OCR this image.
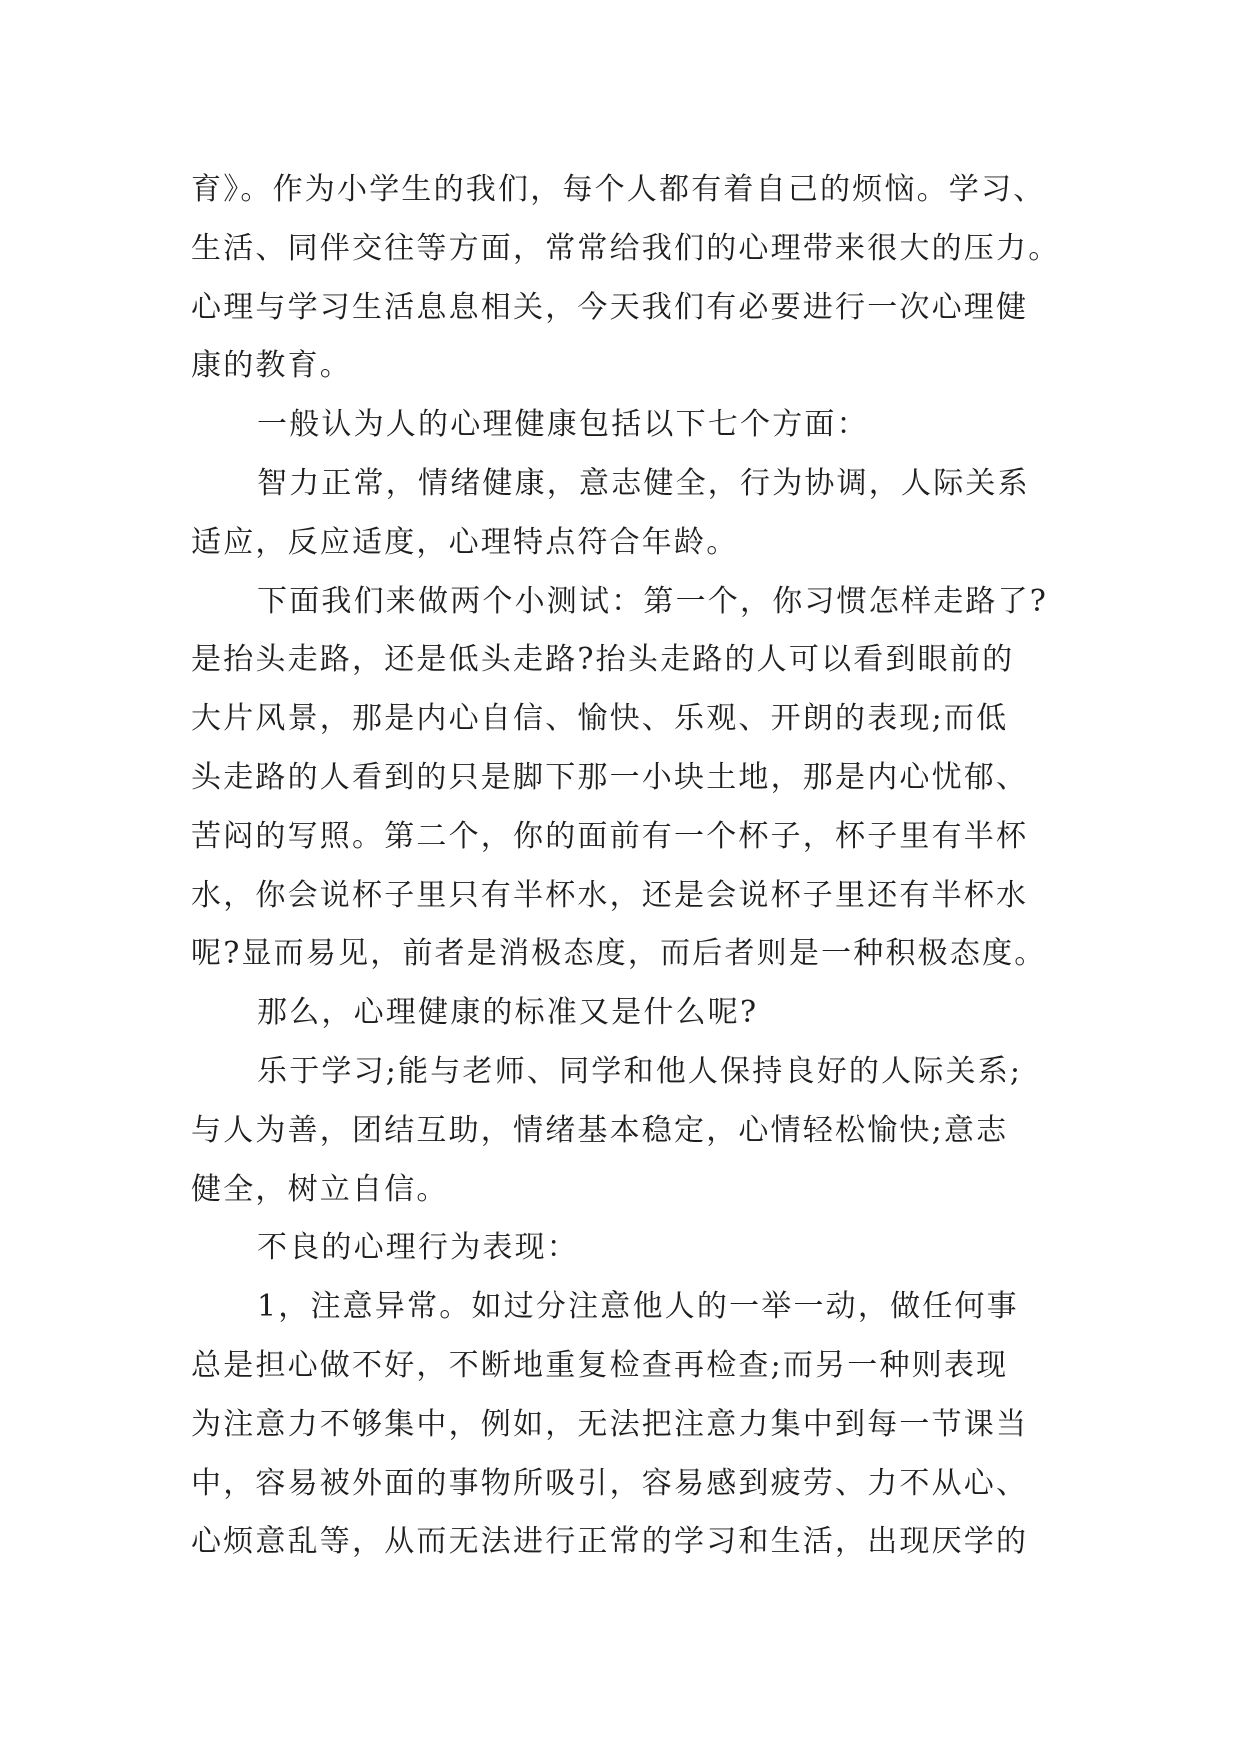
育》。作为小学生的我们，每个人都有着自己的烦恼。学习、
生活、同伴交往等方面，常常给我们的心理带来很大的压力。
心理与学习生活息息相关，今天我们有必要进行一次心理健
康的教育。
一般认为人的心理健康包括以下七个方面：
智力正常，情绪健康，意志健全，行为协调，人际关系
适应，反应适度，心理特点符合年龄。
下面我们来做两个小测试：第一个，你习惯怎样走路了?
是抬头走路，还是低头走路?抬头走路的人可以看到眼前的
大片风景，那是内心自信、愉快、乐观、开朗的表现;而低
头走路的人看到的只是脚下那一小块土地，那是内心忧郁、
苦闷的写照。第二个，你的面前有一个杯子，杯子里有半杯
水，你会说杯子里只有半杯水，还是会说杯子里还有半杯水
呢?显而易见，前者是消极态度，而后者则是一种积极态度。
那么，心理健康的标准又是什么呢?
乐于学习;能与老师、同学和他人保持良好的人际关系;
与人为善，团结互助，情绪基本稳定，心情轻松愉快;意志
健全，树立自信。
不良的心理行为表现：
1，注意异常。如过分注意他人的一举一动，做任何事
总是担心做不好，不断地重复检查再检查;而另一种则表现
为注意力不够集中，例如，无法把注意力集中到每一节课当
中，容易被外面的事物所吸引，容易感到疲劳、力不从心、
心烦意乱等，从而无法进行正常的学习和生活，出现厌学的
